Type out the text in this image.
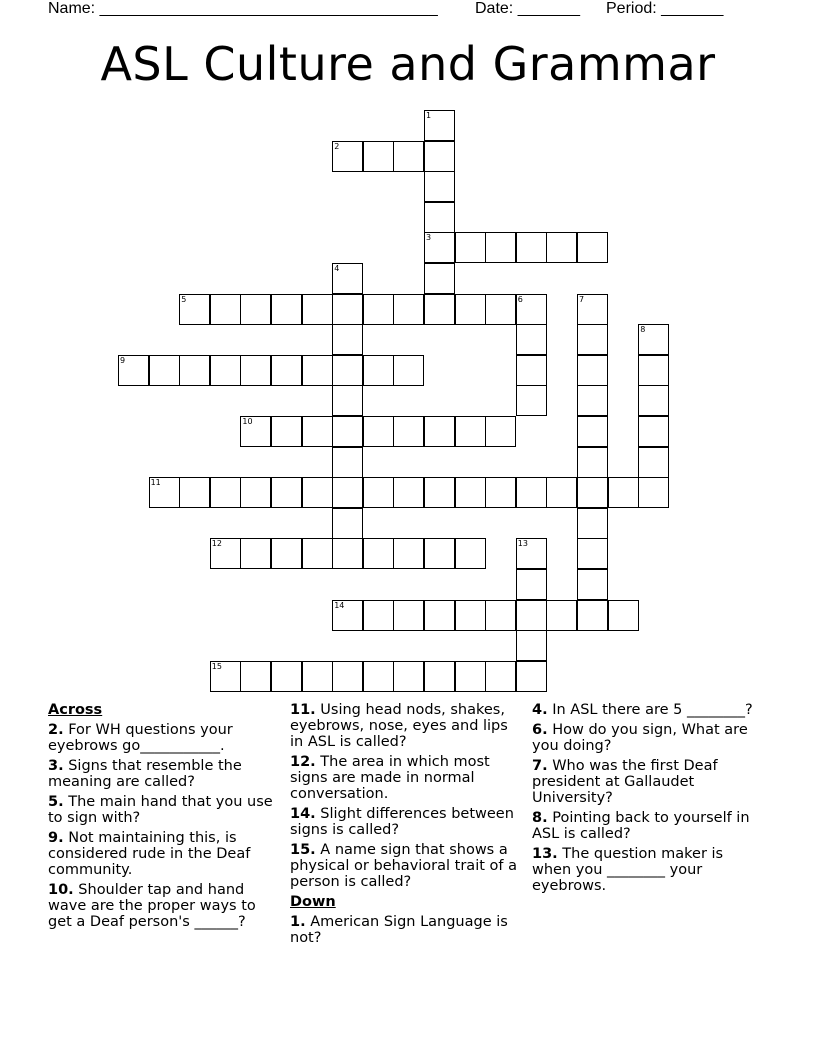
Name: ______________________________________ Date: _______ Period: _______
ASL Culture and Grammar
2
3
5	6
9
10
11
12
14
15
1
4
7
8
13
Across
2. For WH questions your eyebrows go___________.
3. Signs that resemble the meaning are called?
5. The main hand that you use to sign with?
9. Not maintaining this, is considered rude in the Deaf community.
10. Shoulder tap and hand wave are the proper ways to get a Deaf person's ______?
11. Using head nods, shakes, eyebrows, nose, eyes and lips in ASL is called?
12. The area in which most signs are made in normal conversation.
14. Slight differences between signs is called?
15. A name sign that shows a physical or behavioral trait of a person is called?
Down
1. American Sign Language is not?
4. In ASL there are 5 ________?
6. How do you sign, What are you doing?
7. Who was the first Deaf president at Gallaudet University?
8. Pointing back to yourself in ASL is called?
13. The question maker is when you ________ your eyebrows.
